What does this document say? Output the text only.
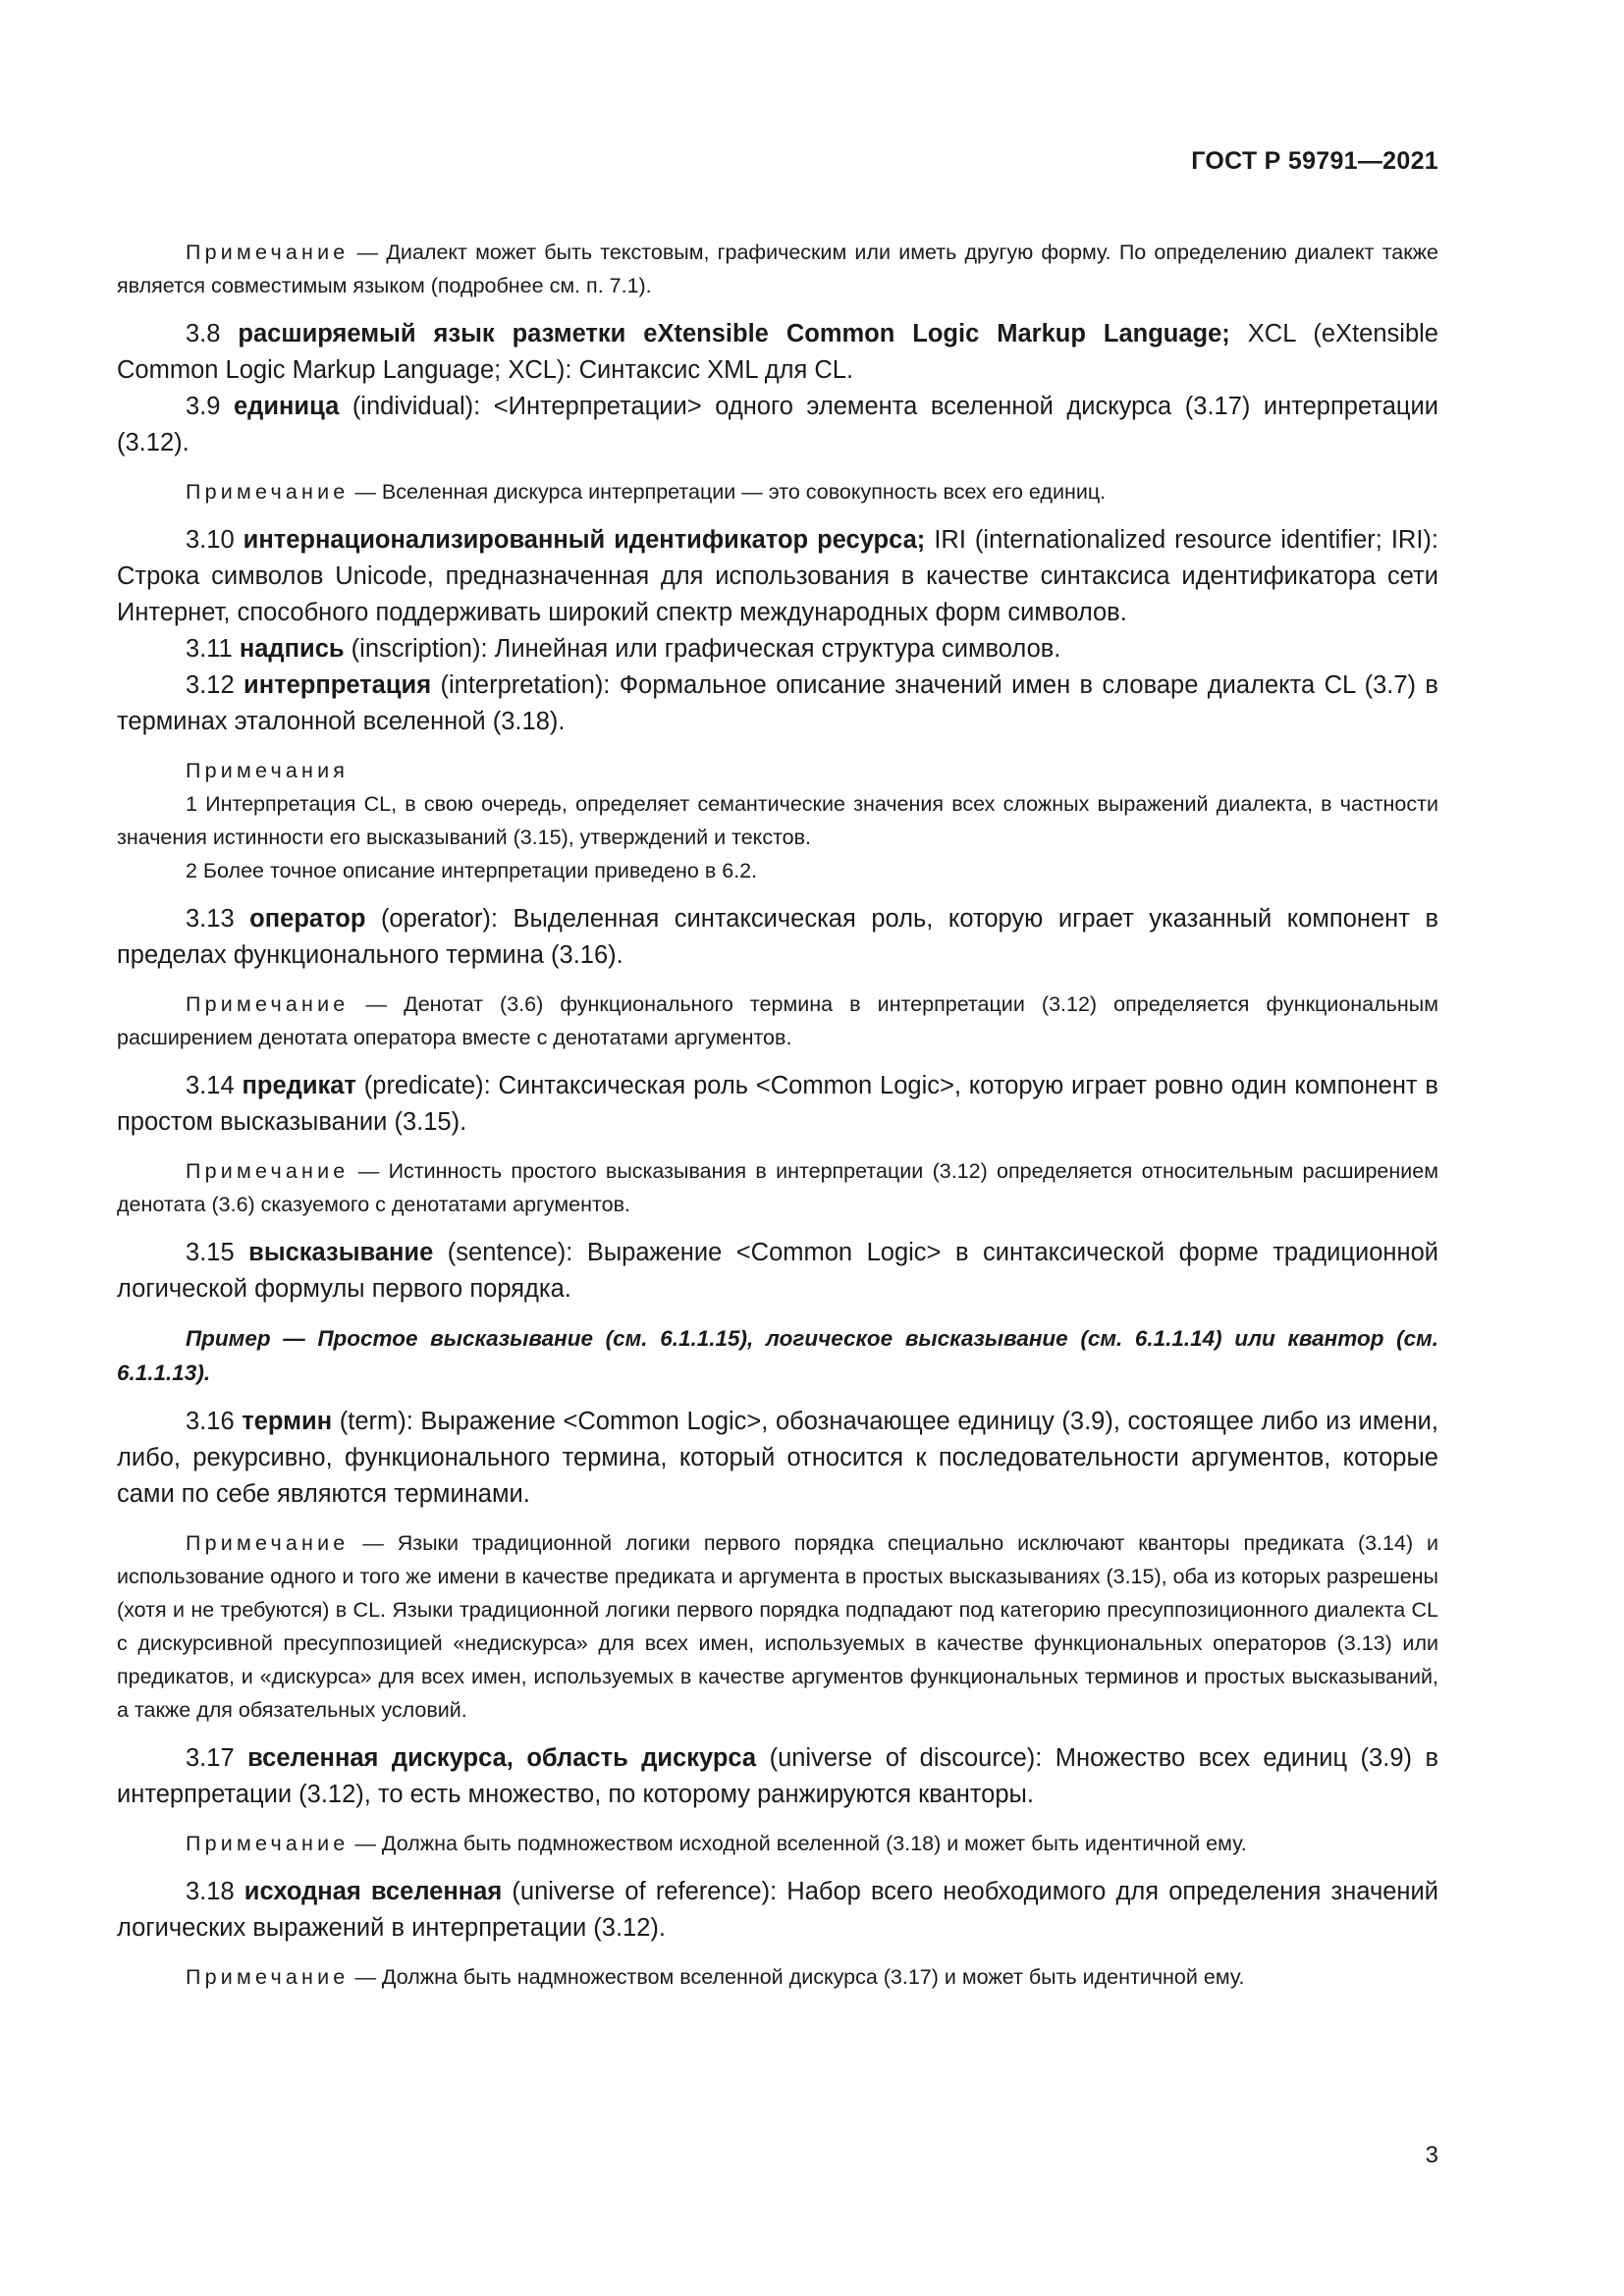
ГОСТ Р 59791—2021

Примечание — Диалект может быть текстовым, графическим или иметь другую форму. По определению диалект также является совместимым языком (подробнее см. п. 7.1).

3.8 расширяемый язык разметки eXtensible Common Logic Markup Language; XCL (eXtensible Common Logic Markup Language; XCL): Синтаксис XML для CL.

3.9 единица (individual): <Интерпретации> одного элемента вселенной дискурса (3.17) интерпретации (3.12).

Примечание — Вселенная дискурса интерпретации — это совокупность всех его единиц.

3.10 интернационализированный идентификатор ресурса; IRI (internationalized resource identifier; IRI): Строка символов Unicode, предназначенная для использования в качестве синтаксиса идентификатора сети Интернет, способного поддерживать широкий спектр международных форм символов.

3.11 надпись (inscription): Линейная или графическая структура символов.

3.12 интерпретация (interpretation): Формальное описание значений имен в словаре диалекта CL (3.7) в терминах эталонной вселенной (3.18).

Примечания

1 Интерпретация CL, в свою очередь, определяет семантические значения всех сложных выражений диалекта, в частности значения истинности его высказываний (3.15), утверждений и текстов.

2 Более точное описание интерпретации приведено в 6.2.

3.13 оператор (operator): Выделенная синтаксическая роль, которую играет указанный компонент в пределах функционального термина (3.16).

Примечание — Денотат (3.6) функционального термина в интерпретации (3.12) определяется функциональным расширением денотата оператора вместе с денотатами аргументов.

3.14 предикат (predicate): Синтаксическая роль <Common Logic>, которую играет ровно один компонент в простом высказывании (3.15).

Примечание — Истинность простого высказывания в интерпретации (3.12) определяется относительным расширением денотата (3.6) сказуемого с денотатами аргументов.

3.15 высказывание (sentence): Выражение <Common Logic> в синтаксической форме традиционной логической формулы первого порядка.

Пример — Простое высказывание (см. 6.1.1.15), логическое высказывание (см. 6.1.1.14) или квантор (см. 6.1.1.13).

3.16 термин (term): Выражение <Common Logic>, обозначающее единицу (3.9), состоящее либо из имени, либо, рекурсивно, функционального термина, который относится к последовательности аргументов, которые сами по себе являются терминами.

Примечание — Языки традиционной логики первого порядка специально исключают кванторы предиката (3.14) и использование одного и того же имени в качестве предиката и аргумента в простых высказываниях (3.15), оба из которых разрешены (хотя и не требуются) в CL. Языки традиционной логики первого порядка подпадают под категорию пресуппозиционного диалекта CL с дискурсивной пресуппозицией «недискурса» для всех имен, используемых в качестве функциональных операторов (3.13) или предикатов, и «дискурса» для всех имен, используемых в качестве аргументов функциональных терминов и простых высказываний, а также для обязательных условий.

3.17 вселенная дискурса, область дискурса (universe of discource): Множество всех единиц (3.9) в интерпретации (3.12), то есть множество, по которому ранжируются кванторы.

Примечание — Должна быть подмножеством исходной вселенной (3.18) и может быть идентичной ему.

3.18 исходная вселенная (universe of reference): Набор всего необходимого для определения значений логических выражений в интерпретации (3.12).

Примечание — Должна быть надмножеством вселенной дискурса (3.17) и может быть идентичной ему.

3
